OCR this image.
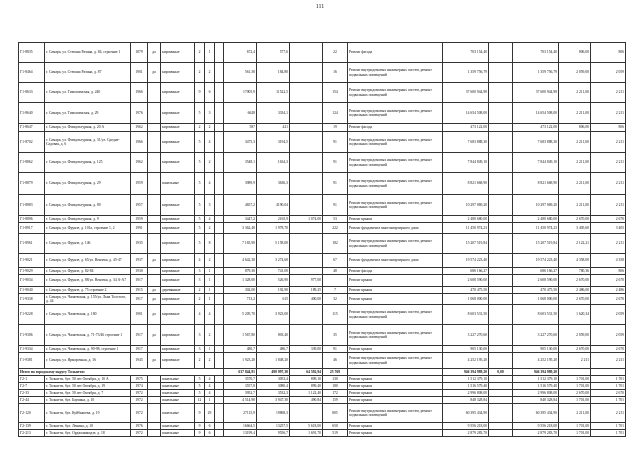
111
Г1-8835	г. Самара, ул. Степана Разина, д. 84, строение 1	1879	да	кирпичные	2	1		672,4	577,6		22	Ремонт фасада	703 154,40		703 154,40	806,00	806
Г1-8464	г. Самара, ул. Степана Разина, д. 87	1901	да	кирпичные	2	2		561,30	184,80		16	Ремонт внутридомовых инженерных систем, ремонт подвальных помещений	1 359 756,79		1 359 756,79	2 059,00	2 059
Г1-8633	г. Самара, ул. Тимошенская, д. 240	1966		кирпичные	9	6		17005,9	11522,5		154	Ремонт внутридомовых инженерных систем, ремонт подвальных помещений	37 600 944,98		37 600 944,98	2 211,00	2 211
Г1-8640	г. Самара, ул. Тимошенская, д. 29	1976		кирпичные	5	3		6628	3334,1		124	Ремонт внутридомовых инженерных систем, ремонт подвальных помещений	14 654 508,00		14 654 508,00	2 211,00	2 211
Г1-8647	г. Самара, ул. Физкультурная, д. 20 А	1962		кирпичные	2	2		587	421		19	Ремонт фасада	473 122,00		473 122,00	806,00	806
Г1-8702	г. Самара, ул. Физкультурная, д. 31/ул. Средне-Садовая, д. 6	1966		кирпичные	5	4		3475,3	3194,5		91	Ремонт внутридомовых инженерных систем, ремонт подвальных помещений	7 683 888,30		7 683 888,30	2 211,00	2 211
Г1-8862	г. Самара, ул. Физкультурная, д. 125	1962		кирпичные	5	2		3548,1	1634,3		91	Ремонт внутридомовых инженерных систем, ремонт подвальных помещений	7 844 849,10		7 844 849,10	2 211,00	2 211
Г1-8879	г. Самара, ул. Физкультурная, д. 29	1959		панельные	5	4		3989,9	3636,3		91	Ремонт внутридомовых инженерных систем, ремонт подвальных помещений	8 821 668,90		8 821 668,90	2 211,00	2 211
Г1-8883	г. Самара, ул. Физкультурная, д. 80	1957		кирпичные	5	3		4657,2	4190,04		91	Ремонт внутридомовых инженерных систем, ремонт подвальных помещений	10 297 069,20		10 297 069,20	2 211,00	2 211
Г1-8896	г. Самара, ул. Физкультурная, д. 9	1959		кирпичные	5	4		3447,2	2165,9	1 074,00	53	Ремонт крыши	2 480 680,00		2 480 680,00	2 670,00	2 670
Г1-8917	г. Самара, ул. Фрунзе, д. 101а, строение 1, 2	1991		кирпичные	5	2		3 362,40	1 978,70		222	Ремонт фундамента многоквартирного дома	11 450 974,23		11 450 974,23	3 405,60	3 405
Г1-8961	г. Самара, ул. Фрунзе, д. 146	1935		кирпичные	5	8		7 165,90	5 158,00		182	Ремонт внутридомовых инженерных систем, ремонт подвальных помещений	15 207 519,84		15 207 519,84	2 122,21	2 211
Г1-9021	г. Самара, ул. Фрунзе, д. 65/ул. Вензека, д. 45-47	1937	да	кирпичные	4	2		4 642,30	3 274,60		67	Ремонт фундамента многоквартирного дома	19 574 223,40		19 574 223,40	4 358,00	4 358
Г1-9029	г. Самара, ул. Фрунзе, д. 82-84	1930		кирпичные	3	1		879,30	741,00		48	Ремонт фасада	686 166,27		686 166,27	780,36	806
Г1-9034	г. Самара, ул. Фрунзе, д. 88/ул. Вензека, д. 34 А-А7	1917		кирпичные	3	1		1 328,00	526,90	977,00		Ремонт крыши	2 608 590,00		2 608 590,00	2 670,00	2 670
Г1-9040	г. Самара, ул. Фрунзе, д. 75 строение 2	1915	да	деревянные	2	1		302,00	192,90	189,25	7	Ремонт крыши	470 475,50		470 475,50	2 486,00	2 486
Г1-9338	г. Самара, ул. Чапаевская, д. 155/ул. Льва Толстого, д. 44	1917	да	кирпичные	2	1		713,2	615	400,00	32	Ремонт крыши	1 068 000,00		1 068 000,00	2 670,00	2 670
Г1-9228	г. Самара, ул. Чапаевская, д. 180	1901	да	кирпичные	4	4		5 205,70	3 923,00		115	Ремонт внутридомовых инженерных систем, ремонт подвальных помещений	8 603 531,50		8 603 531,50	1 620,34	2 059
Г1-9306	г. Самара, ул. Чапаевская, д. 71-73/46 строение 1	1917	да	кирпичные	3	2		1 567,80	803,40		35	Ремонт внутридомовых инженерных систем, ремонт подвальных помещений	3 227 270,60		3 227 270,60	2 059,00	2 059
Г1-9334	г. Самара, ул. Чапаевская, д. 90-98, строение 1	1917		кирпичные	3	1		480,7	486,7	339,00	91	Ремонт крыши	905 130,00		905 130,00	2 670,00	2 670
Г1-9381	г. Самара, ул. Ярмарочная, д. 16	1945	да	кирпичные	2	2		1 923,20	1 848,20		46	Ремонт внутридомовых инженерных систем, ремонт подвальных помещений	4 252 195,20		4 252 195,20	2 211	2 211
Итого по городскому округу Тольятти:								637 844,91	490 997,30	64 592,94	25 769		946 394 989,20	0,00	946 394 989,20		
Г2-1	г. Тольятти, бул. 50 лет Октября, д. 10 А	1975		панельные	5	4		3570,7	3053,4	809,10	130	Ремонт крыши	1 512 379,10		1 512 379,10	1 701,00	1 701
Г2-7	г. Тольятти, бул. 50 лет Октября, д. 19	1974		панельные	5	4		3557,8	3080,4	899,40	180	Ремонт крыши	1 516 579,40		1 516 579,40	1 701,00	1 701
Г2-33	г. Тольятти, бул. 50 лет Октября, д. 7	1972		панельные	5	4		3952,7	3532,3	1 122,40	172	Ремонт крыши	2 996 808,00		2 996 808,00	2 670,00	2 670
Г2-44	г. Тольятти, бул. Баумана, д. 10	1972		панельные	12	1		4 514,90	3 947,30	490,84	159	Ремонт крыши	848 328,84		848 328,84	1 701,00	1 701
Г2-120	г. Тольятти, бул. Куйбышева, д. 19	1972		панельные	9	29		27115,9	19868,3		805	Ремонт внутридомовых инженерных систем, ремонт подвальных помещений	60 395 434,90		60 395 434,90	2 211,00	2 211
Г2-139	г. Тольятти, бул. Ленина, д. 10	1976		панельные	9	6		16664,5	13257,5	5 618,00	650	Ремонт крыши	9 556 218,00		9 556 218,00	1 701,00	1 701
Г2-213	г. Тольятти, бул. Орджоникидзе, д. 18	1972		панельные	9	6		13199,4	9556,7	1 691,70	519	Ремонт крыши	2 879 283,70		2 879 283,70	1 701,00	1 701
